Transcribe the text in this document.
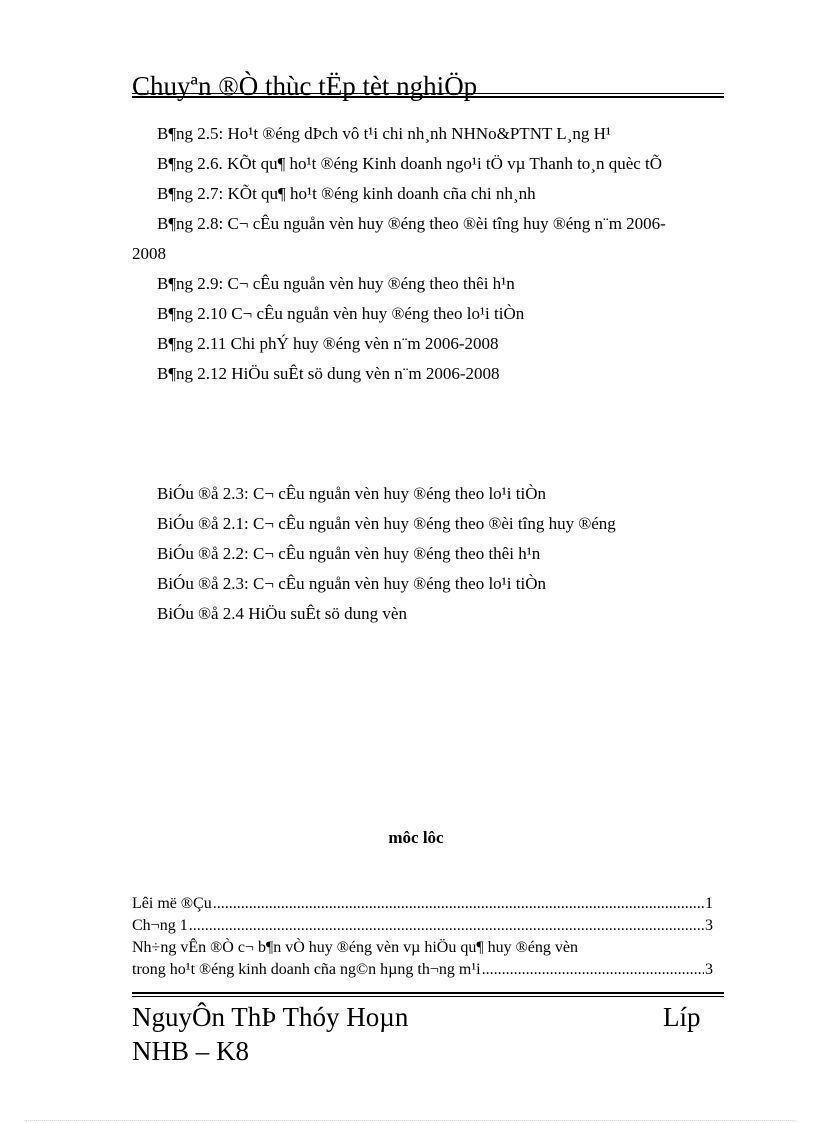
Chuyªn ®Ò thùc tËp tèt nghiÖp
B¶ng 2.5: Ho¹t ®éng dÞch vô t¹i chi nh¸nh NHNo&PTNT L¸ng H¹
B¶ng 2.6. KÕt qu¶ ho¹t ®éng Kinh doanh ngo¹i tÖ vµ Thanh to¸n quèc tÕ
B¶ng 2.7: KÕt qu¶ ho¹t ®éng kinh doanh cña chi nh¸nh
B¶ng 2.8: C¬ cÊu nguån vèn huy ®éng theo ®èi tîng huy ®éng n¨m 2006-
2008
B¶ng 2.9: C¬ cÊu nguån vèn huy ®éng theo thêi h¹n
B¶ng 2.10 C¬ cÊu nguån vèn huy ®éng theo lo¹i tiÒn
B¶ng 2.11 Chi phÝ huy ®éng vèn n¨m 2006-2008
B¶ng 2.12 HiÖu suÊt sö dung vèn n¨m 2006-2008
BiÓu ®å 2.3: C¬ cÊu nguån vèn huy ®éng theo lo¹i tiÒn
BiÓu ®å 2.1: C¬ cÊu nguån vèn huy ®éng theo ®èi tîng huy ®éng
BiÓu ®å 2.2: C¬ cÊu nguån vèn huy ®éng theo thêi h¹n
BiÓu ®å 2.3: C¬ cÊu nguån vèn huy ®éng theo lo¹i tiÒn
BiÓu ®å 2.4 HiÖu suÊt sö dung vèn
môc lôc
Lêi më ®Çu .....	1
Ch¬ng 1 .....	3
Nh÷ng vÊn ®Ò c¬ b¶n vÒ huy ®éng vèn vµ hiÖu qu¶ huy ®éng vèn
trong ho¹t ®éng kinh doanh cña ng©n hµng th¬ng m¹i .....	3
NguyÔn ThÞ Thóy Hoµn	Líp
NHB – K8
